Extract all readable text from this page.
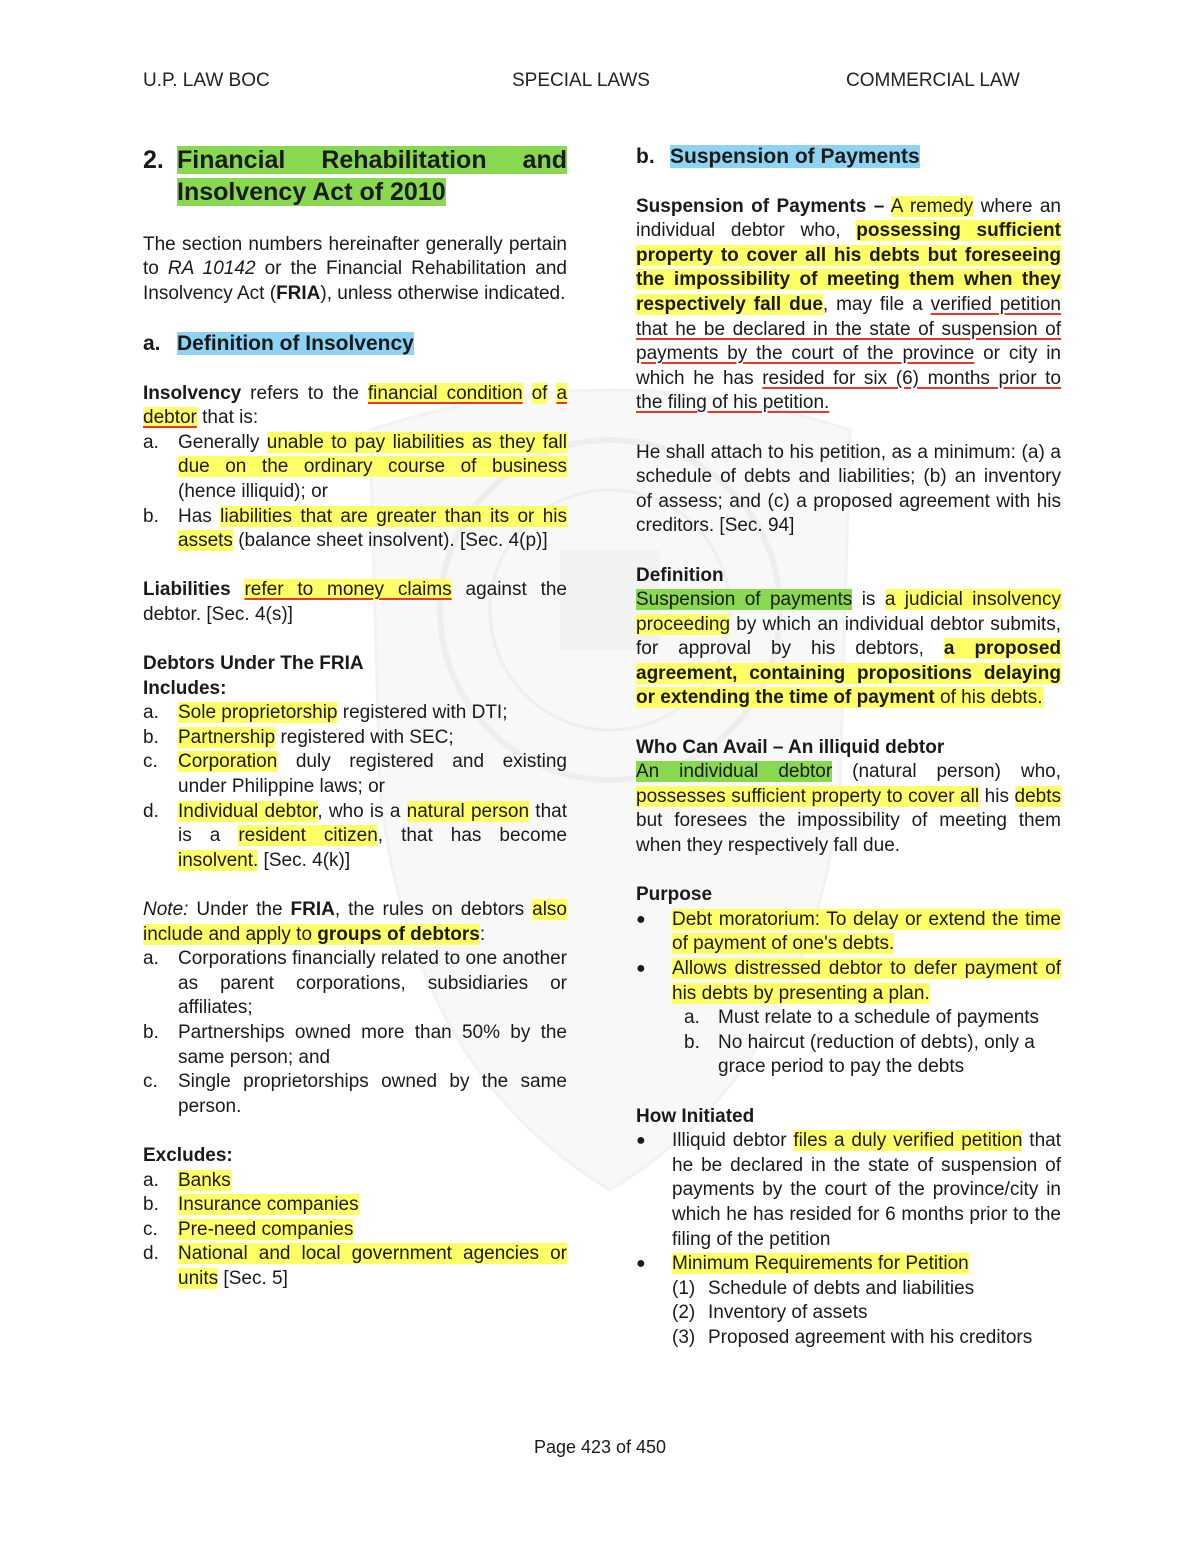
U.P. LAW BOC	SPECIAL LAWS	COMMERCIAL LAW
2. Financial Rehabilitation and Insolvency Act of 2010

The section numbers hereinafter generally pertain to RA 10142 or the Financial Rehabilitation and Insolvency Act (FRIA), unless otherwise indicated.

a. Definition of Insolvency

Insolvency refers to the financial condition of a debtor that is:

a.	Generally unable to pay liabilities as they fall due on the ordinary course of business (hence illiquid); or
b.	Has liabilities that are greater than its or his assets (balance sheet insolvent). [Sec. 4(p)]

Liabilities refer to money claims against the debtor. [Sec. 4(s)]

Debtors Under The FRIA

Includes:

a.	Sole proprietorship registered with DTI;
b.	Partnership registered with SEC;
c.	Corporation duly registered and existing under Philippine laws; or
d.	Individual debtor, who is a natural person that is a resident citizen, that has become insolvent. [Sec. 4(k)]

Note: Under the FRIA, the rules on debtors also include and apply to groups of debtors:

a.	Corporations financially related to one another as parent corporations, subsidiaries or affiliates;
b.	Partnerships owned more than 50% by the same person; and
c.	Single proprietorships owned by the same person.

Excludes:

a.	Banks
b.	Insurance companies
c.	Pre-need companies
d.	National and local government agencies or units [Sec. 5]
b. Suspension of Payments

Suspension of Payments – A remedy where an individual debtor who, possessing sufficient property to cover all his debts but foreseeing the impossibility of meeting them when they respectively fall due, may file a verified petition that he be declared in the state of suspension of payments by the court of the province or city in which he has resided for six (6) months prior to the filing of his petition.

He shall attach to his petition, as a minimum: (a) a schedule of debts and liabilities; (b) an inventory of assess; and (c) a proposed agreement with his creditors. [Sec. 94]

Definition

Suspension of payments is a judicial insolvency proceeding by which an individual debtor submits, for approval by his debtors, a proposed agreement, containing propositions delaying or extending the time of payment of his debts.

Who Can Avail – An illiquid debtor

An individual debtor (natural person) who, possesses sufficient property to cover all his debts but foresees the impossibility of meeting them when they respectively fall due.

Purpose

●	Debt moratorium: To delay or extend the time of payment of one's debts.
●	Allows distressed debtor to defer payment of his debts by presenting a plan.
a. Must relate to a schedule of payments
b. No haircut (reduction of debts), only a grace period to pay the debts

How Initiated

●	Illiquid debtor files a duly verified petition that he be declared in the state of suspension of payments by the court of the province/city in which he has resided for 6 months prior to the filing of the petition
●	Minimum Requirements for Petition
(1) Schedule of debts and liabilities
(2) Inventory of assets
(3) Proposed agreement with his creditors
Page 423 of 450
